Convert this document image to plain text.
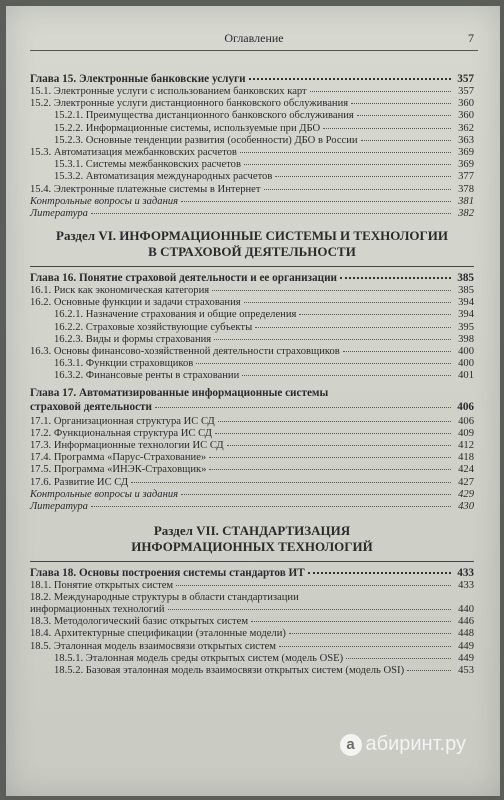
Оглавление	7
Глава 15. Электронные банковские услуги	357
15.1. Электронные услуги с использованием банковских карт	357
15.2. Электронные услуги дистанционного банковского обслуживания	360
15.2.1. Преимущества дистанционного банковского обслуживания	360
15.2.2. Информационные системы, используемые при ДБО	362
15.2.3. Основные тенденции развития (особенности) ДБО в России	363
15.3. Автоматизация межбанковских расчетов	369
15.3.1. Системы межбанковских расчетов	369
15.3.2. Автоматизация международных расчетов	377
15.4. Электронные платежные системы в Интернет	378
Контрольные вопросы и задания	381
Литература	382
Раздел VI. ИНФОРМАЦИОННЫЕ СИСТЕМЫ И ТЕХНОЛОГИИ
В СТРАХОВОЙ ДЕЯТЕЛЬНОСТИ
Глава 16. Понятие страховой деятельности и ее организации	385
16.1. Риск как экономическая категория	385
16.2. Основные функции и задачи страхования	394
16.2.1. Назначение страхования и общие определения	394
16.2.2. Страховые хозяйствующие субъекты	395
16.2.3. Виды и формы страхования	398
16.3. Основы финансово-хозяйственной деятельности страховщиков	400
16.3.1. Функции страховщиков	400
16.3.2. Финансовые ренты в страховании	401
Глава 17. Автоматизированные информационные системы
страховой деятельности	406
17.1. Организационная структура ИС СД	406
17.2. Функциональная структура ИС СД	409
17.3. Информационные технологии ИС СД	412
17.4. Программа «Парус-Страхование»	418
17.5. Программа «ИНЭК-Страховщик»	424
17.6. Развитие ИС СД	427
Контрольные вопросы и задания	429
Литература	430
Раздел VII. СТАНДАРТИЗАЦИЯ
ИНФОРМАЦИОННЫХ ТЕХНОЛОГИЙ
Глава 18. Основы построения системы стандартов ИТ	433
18.1. Понятие открытых систем	433
18.2. Международные структуры в области стандартизации
информационных технологий	440
18.3. Методологический базис открытых систем	446
18.4. Архитектурные спецификации (эталонные модели)	448
18.5. Эталонная модель взаимосвязи открытых систем	449
18.5.1. Эталонная модель среды открытых систем (модель OSE)	449
18.5.2. Базовая эталонная модель взаимосвязи открытых систем (модель OSI)	453
а абиринт.ру
